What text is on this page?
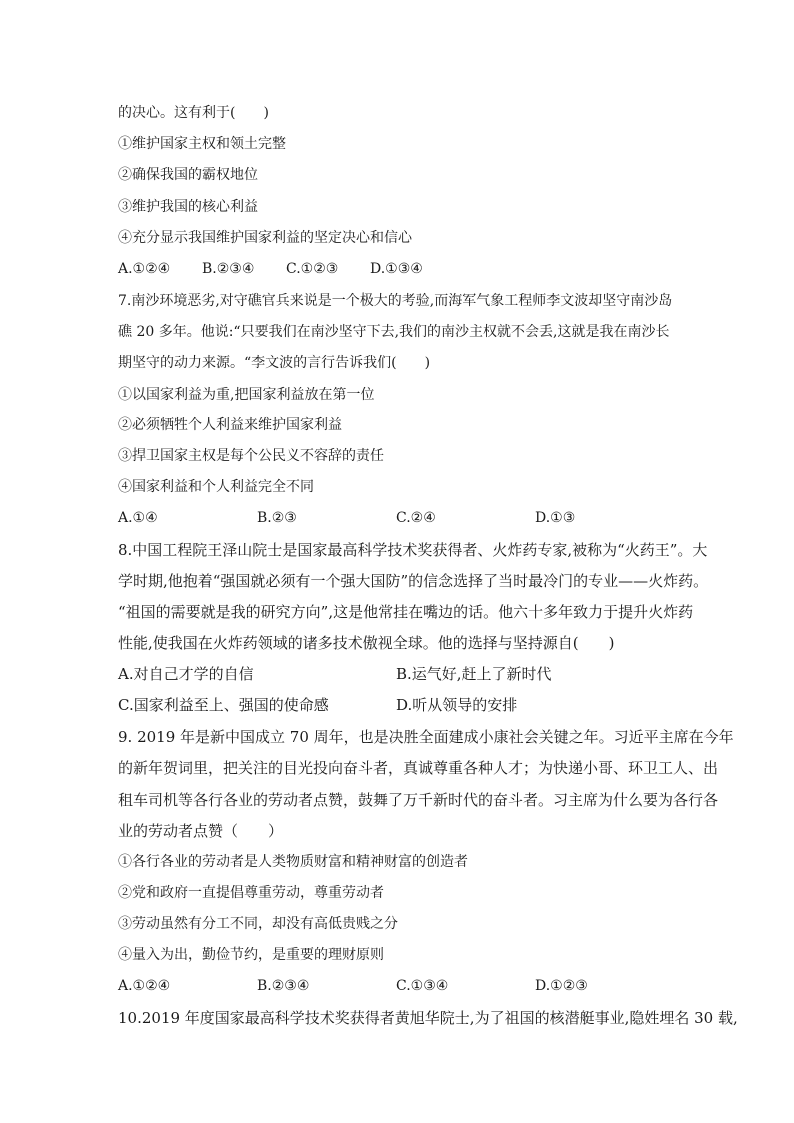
的决心。这有利于(　　)
①维护国家主权和领土完整
②确保我国的霸权地位
③维护我国的核心利益
④充分显示我国维护国家利益的坚定决心和信心
A.①②④ B.②③④ C.①②③ D.①③④
7.南沙环境恶劣,对守礁官兵来说是一个极大的考验,而海军气象工程师李文波却坚守南沙岛
礁 20 多年。他说:“只要我们在南沙坚守下去,我们的南沙主权就不会丢,这就是我在南沙长
期坚守的动力来源。“李文波的言行告诉我们(　　)
①以国家利益为重,把国家利益放在第一位
②必须牺牲个人利益来维护国家利益
③捍卫国家主权是每个公民义不容辞的责任
④国家利益和个人利益完全不同
A.①④	B.②③	C.②④	D.①③
8.中国工程院王泽山院士是国家最高科学技术奖获得者、火炸药专家,被称为“火药王”。大
学时期,他抱着“强国就必须有一个强大国防”的信念选择了当时最冷门的专业——火炸药。
“祖国的需要就是我的研究方向”,这是他常挂在嘴边的话。他六十多年致力于提升火炸药
性能,使我国在火炸药领域的诸多技术傲视全球。他的选择与坚持源自(　　)
A.对自己才学的自信	B.运气好,赶上了新时代
C.国家利益至上、强国的使命感	D.听从领导的安排
9. 2019 年是新中国成立 70 周年，也是决胜全面建成小康社会关键之年。习近平主席在今年
的新年贺词里，把关注的目光投向奋斗者，真诚尊重各种人才；为快递小哥、环卫工人、出
租车司机等各行各业的劳动者点赞，鼓舞了万千新时代的奋斗者。习主席为什么要为各行各
业的劳动者点赞（　　）
①各行各业的劳动者是人类物质财富和精神财富的创造者
②党和政府一直提倡尊重劳动，尊重劳动者
③劳动虽然有分工不同，却没有高低贵贱之分
④量入为出，勤俭节约，是重要的理财原则
A.①②④	B.②③④	C.①③④	D.①②③
10.2019 年度国家最高科学技术奖获得者黄旭华院士,为了祖国的核潜艇事业,隐姓埋名 30 载,
